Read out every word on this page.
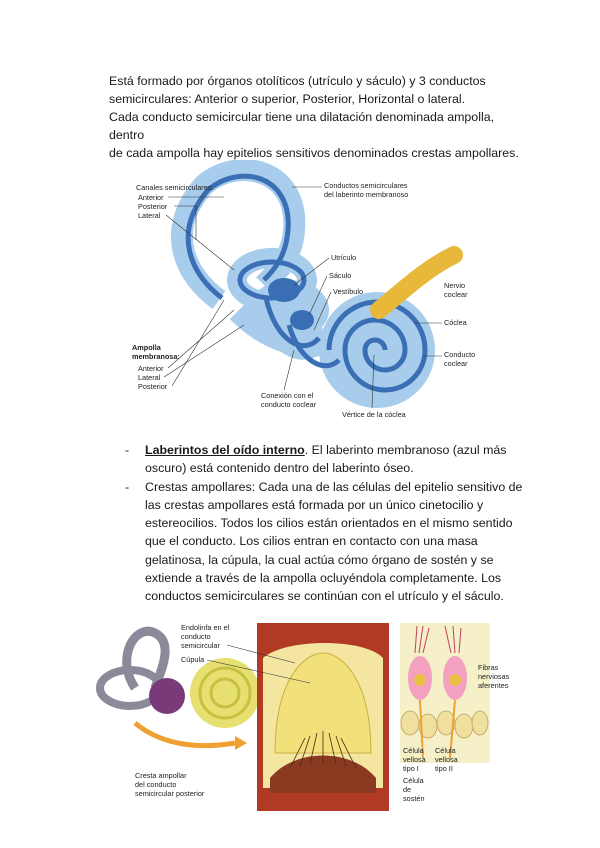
Está formado por órganos otolíticos (utrículo y sáculo) y 3 conductos
semicirculares: Anterior o superior, Posterior, Horizontal o lateral.
Cada conducto semicircular tiene una dilatación denominada ampolla, dentro
de cada ampolla hay epitelios sensitivos denominados crestas ampollares.
Canales semicirculares:
Anterior
Posterior
Lateral
Conductos semicirculares
del laberinto membranoso
Utrículo
Sáculo
Vestíbulo
Nervio
coclear
Cóclea
Conducto
coclear
Ampolla
membranosa:
Anterior
Lateral
Posterior
Conexión con el
conducto coclear
Vértice de la cóclea
- Laberintos del oído interno. El laberinto membranoso (azul más oscuro) está contenido dentro del laberinto óseo.
- Crestas ampollares: Cada una de las células del epitelio sensitivo de las crestas ampollares está formada por un único cinetocilio y estereocilios. Todos los cilios están orientados en el mismo sentido que el conducto. Los cilios entran en contacto con una masa gelatinosa, la cúpula, la cual actúa cómo órgano de sostén y se extiende a través de la ampolla ocluyéndola completamente. Los conductos semicirculares se continúan con el utrículo y el sáculo.
Cresta ampollar
del conducto
semicircular posterior
Endolinfa en el
conducto
semicircular
Cúpula
Fibras
nerviosas
aferentes
Célula
vellosa
tipo I
Célula
vellosa
tipo II
Célula
de
sostén
